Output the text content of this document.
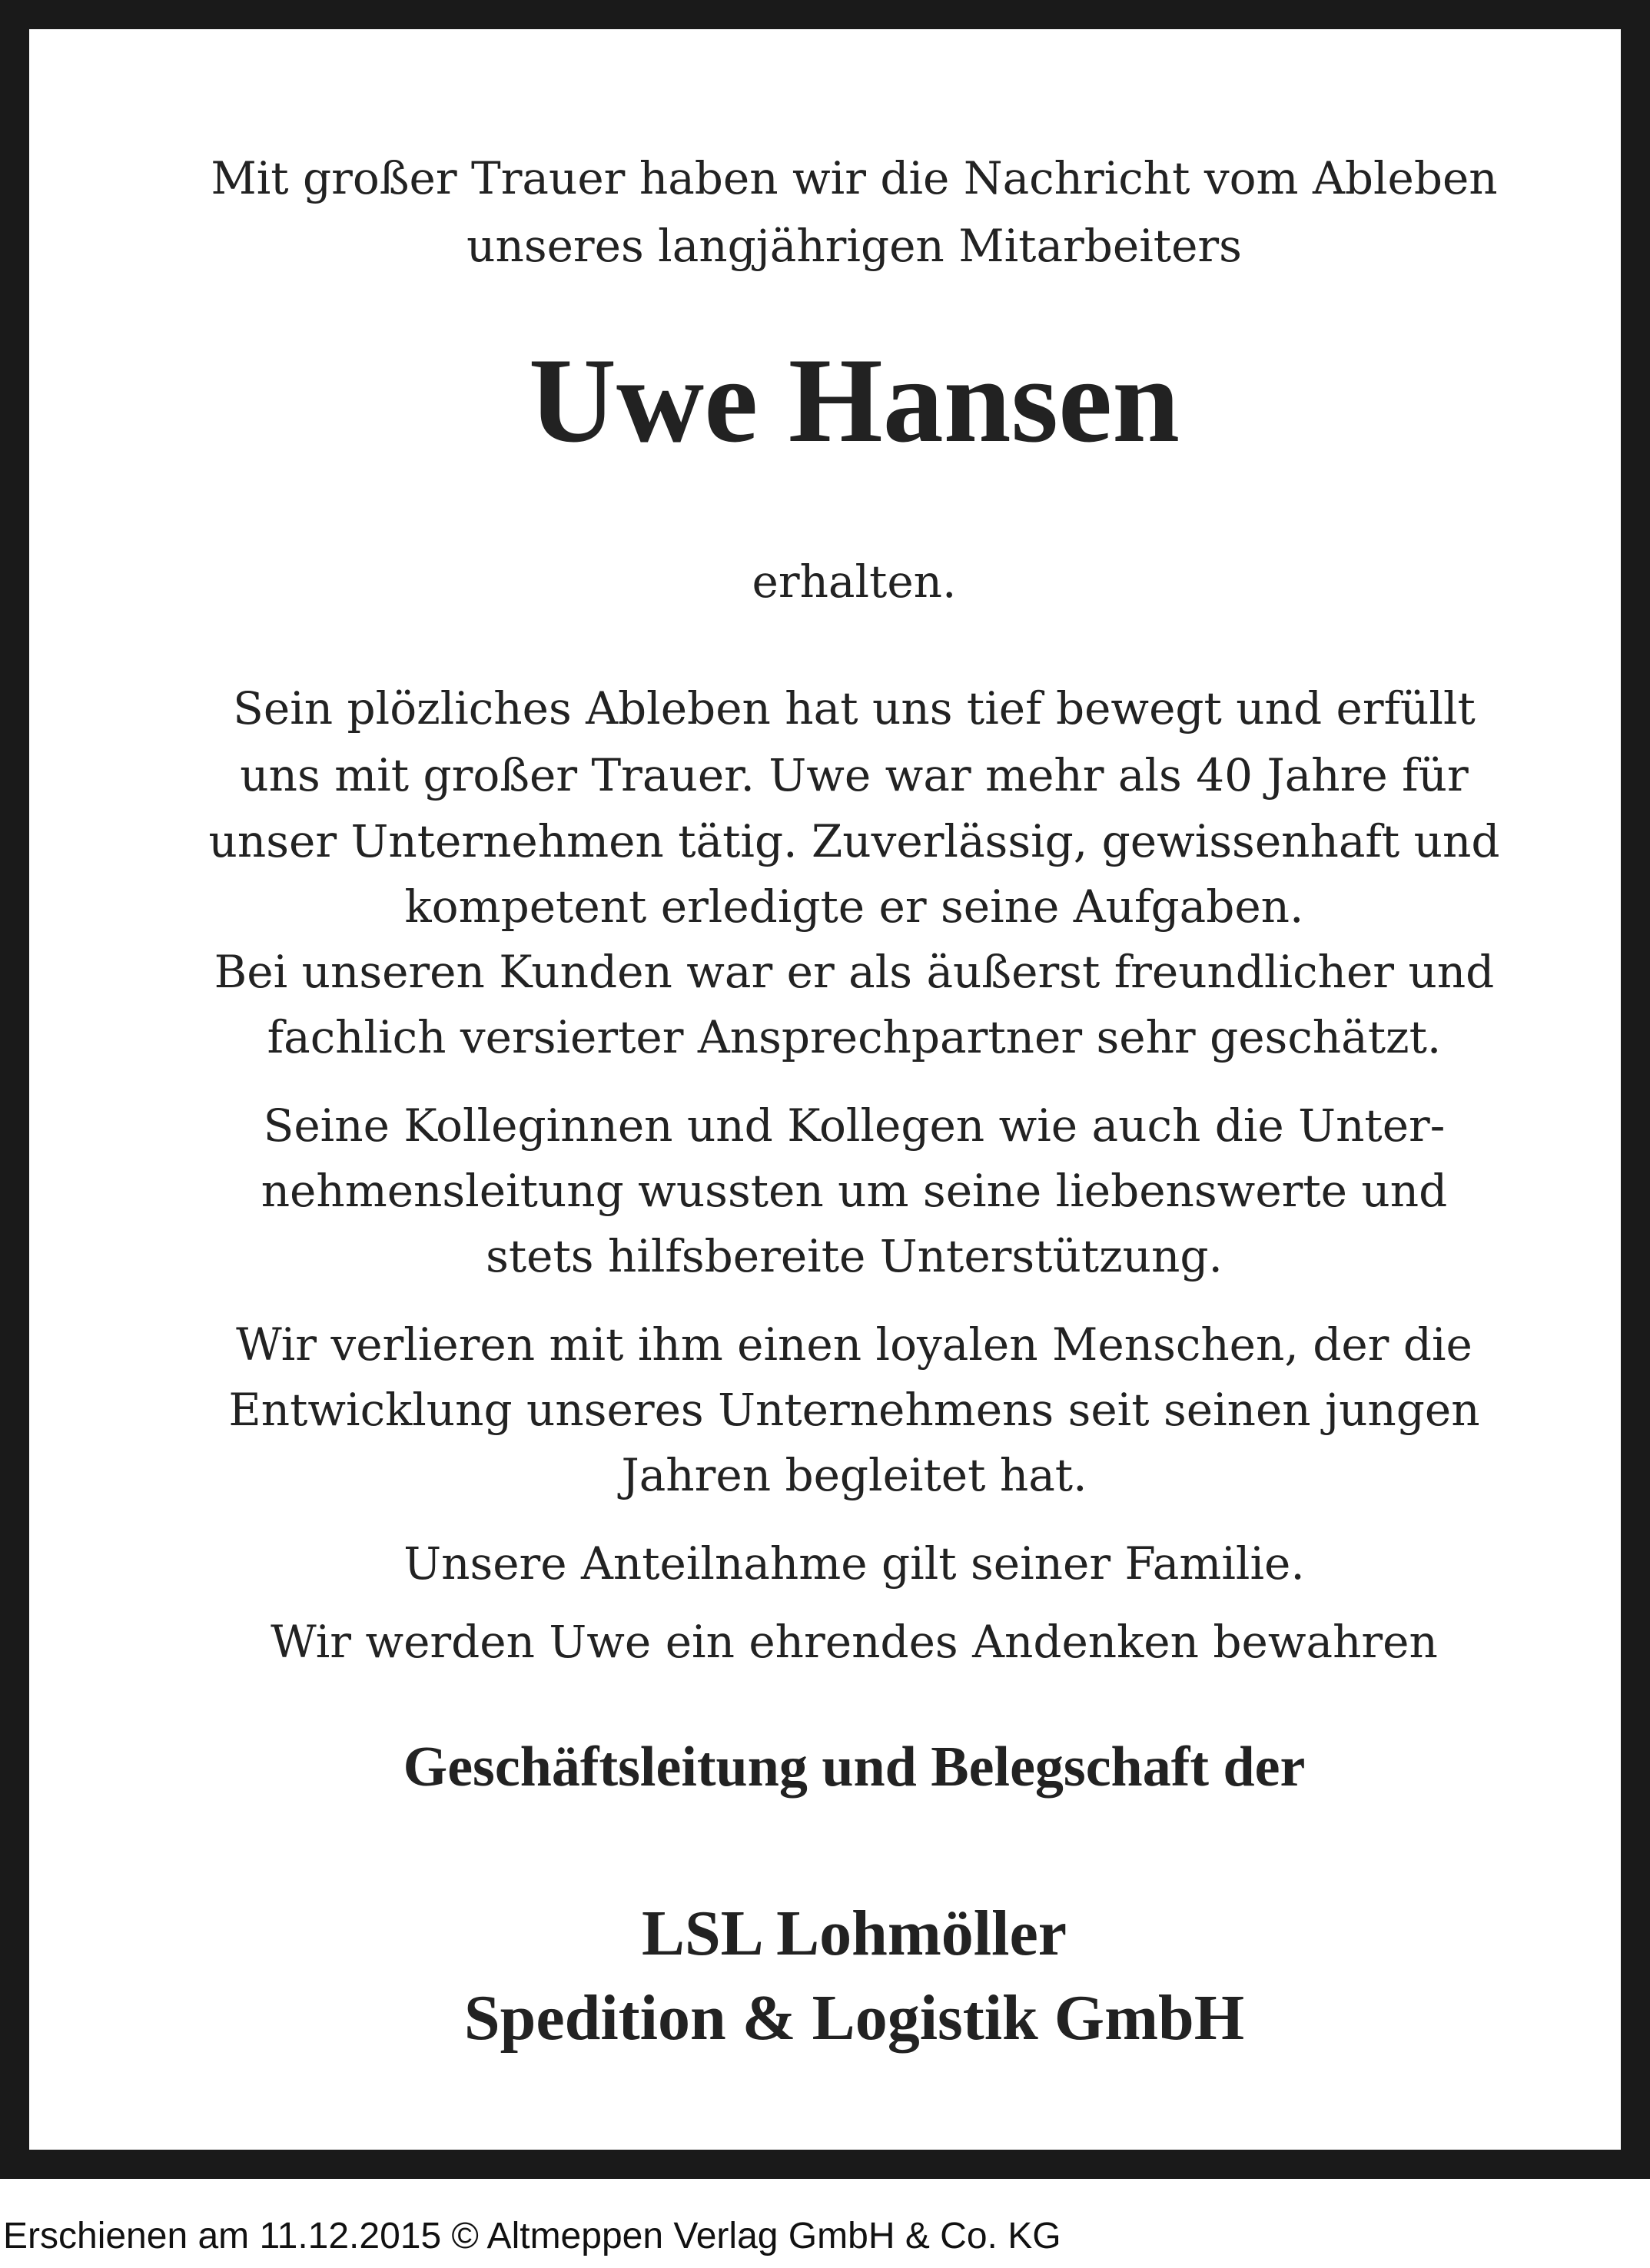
Mit großer Trauer haben wir die Nachricht vom Ableben
unseres langjährigen Mitarbeiters
Uwe Hansen
erhalten.
Sein plözliches Ableben hat uns tief bewegt und erfüllt
uns mit großer Trauer. Uwe war mehr als 40 Jahre für
unser Unternehmen tätig. Zuverlässig, gewissenhaft und
kompetent erledigte er seine Aufgaben.
Bei unseren Kunden war er als äußerst freundlicher und
fachlich versierter Ansprechpartner sehr geschätzt.
Seine Kolleginnen und Kollegen wie auch die Unter-
nehmensleitung wussten um seine liebenswerte und
stets hilfsbereite Unterstützung.
Wir verlieren mit ihm einen loyalen Menschen, der die
Entwicklung unseres Unternehmens seit seinen jungen
Jahren begleitet hat.
Unsere Anteilnahme gilt seiner Familie.
Wir werden Uwe ein ehrendes Andenken bewahren
Geschäftsleitung und Belegschaft der
LSL Lohmöller
Spedition & Logistik GmbH
Erschienen am 11.12.2015 © Altmeppen Verlag GmbH & Co. KG
